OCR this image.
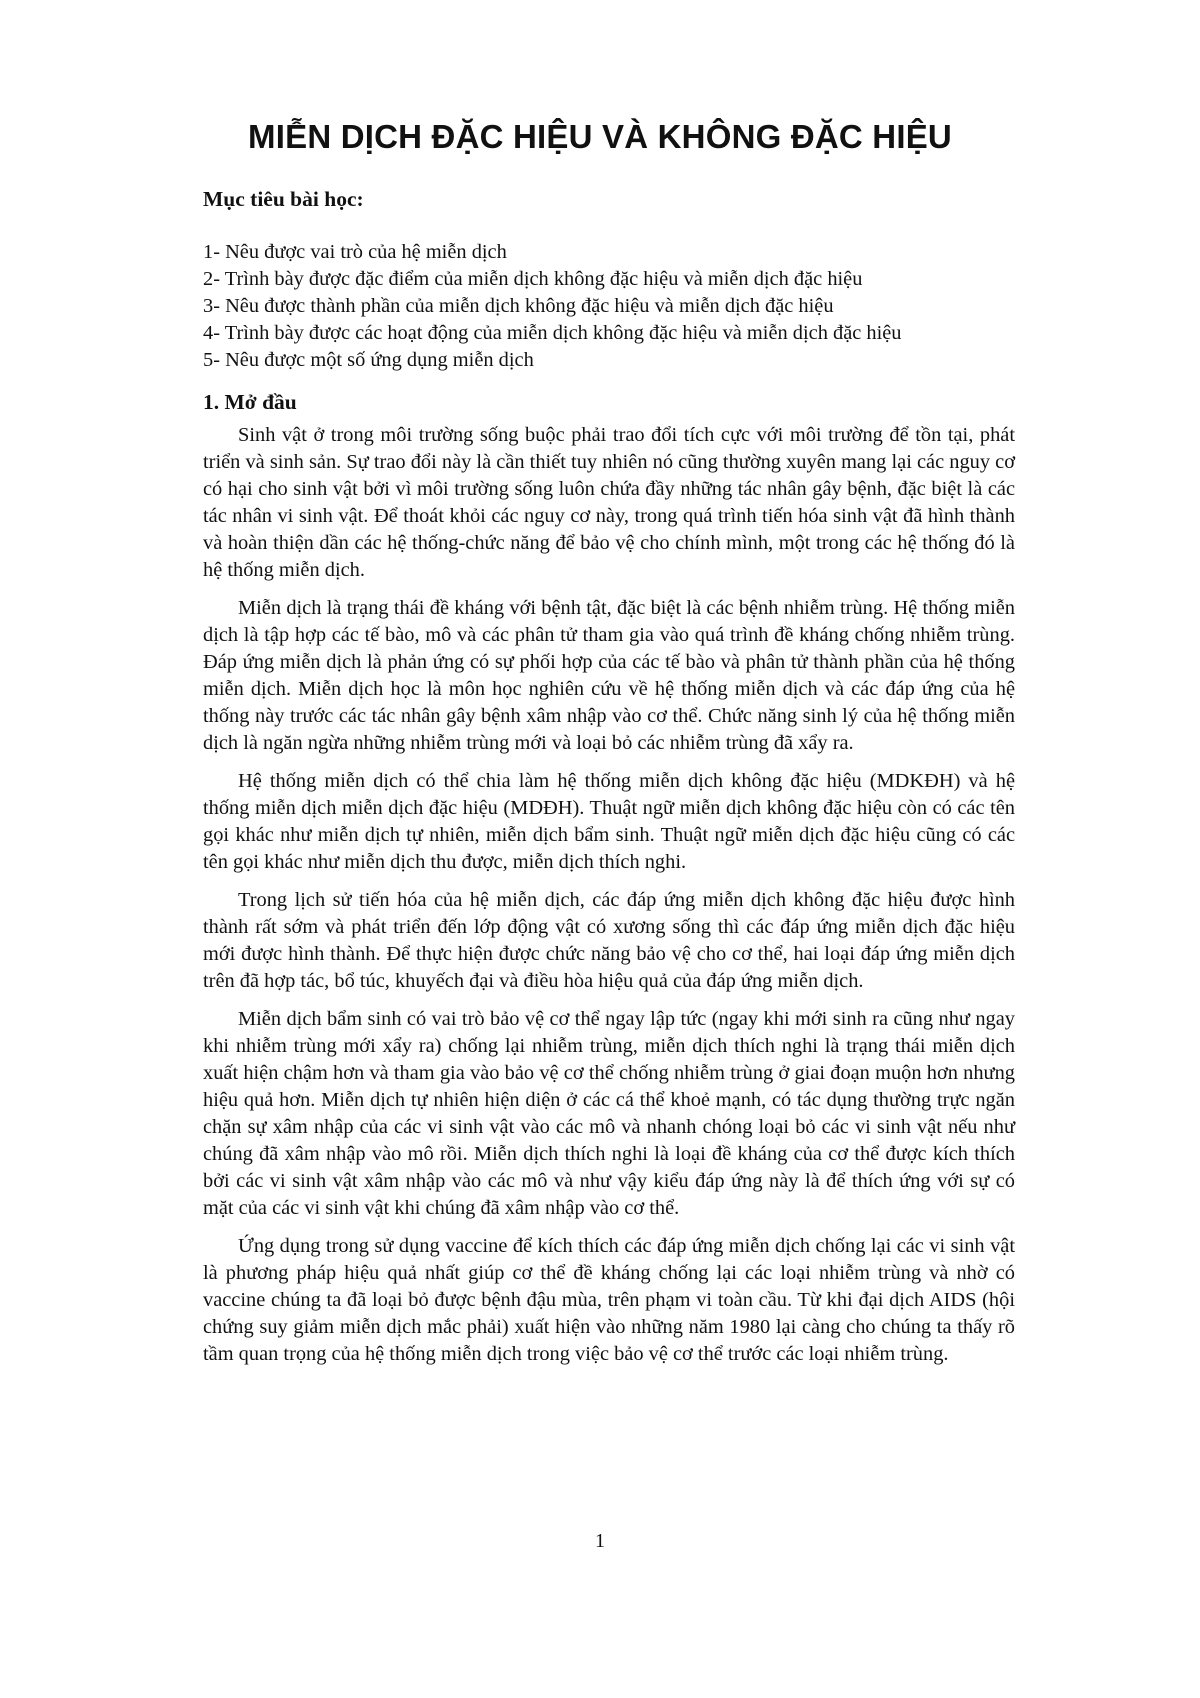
MIỄN DỊCH ĐẶC HIỆU VÀ KHÔNG ĐẶC HIỆU
Mục tiêu bài học:
1- Nêu được vai trò của hệ miễn dịch
2- Trình bày được đặc điểm của miễn dịch không đặc hiệu và miễn dịch đặc hiệu
3- Nêu được thành phần của miễn dịch không đặc hiệu và miễn dịch đặc hiệu
4- Trình bày được các hoạt động của miễn dịch không đặc hiệu và miễn dịch đặc hiệu
5- Nêu được một số ứng dụng miễn dịch
1. Mở đầu

Sinh vật ở trong môi trường sống buộc phải trao đổi tích cực với môi trường để tồn tại, phát triển và sinh sản. Sự trao đổi này là cần thiết tuy nhiên nó cũng thường xuyên mang lại các nguy cơ có hại cho sinh vật bởi vì môi trường sống luôn chứa đầy những tác nhân gây bệnh, đặc biệt là các tác nhân vi sinh vật. Để thoát khỏi các nguy cơ này, trong quá trình tiến hóa sinh vật đã hình thành và hoàn thiện dần các hệ thống-chức năng để bảo vệ cho chính mình, một trong các hệ thống đó là hệ thống miễn dịch.

Miễn dịch là trạng thái đề kháng với bệnh tật, đặc biệt là các bệnh nhiễm trùng. Hệ thống miễn dịch là tập hợp các tế bào, mô và các phân tử tham gia vào quá trình đề kháng chống nhiễm trùng. Đáp ứng miễn dịch là phản ứng có sự phối hợp của các tế bào và phân tử thành phần của hệ thống miễn dịch. Miễn dịch học là môn học nghiên cứu về hệ thống miễn dịch và các đáp ứng của hệ thống này trước các tác nhân gây bệnh xâm nhập vào cơ thể. Chức năng sinh lý của hệ thống miễn dịch là ngăn ngừa những nhiễm trùng mới và loại bỏ các nhiễm trùng đã xẩy ra.

Hệ thống miễn dịch có thể chia làm hệ thống miễn dịch không đặc hiệu (MDKĐH) và hệ thống miễn dịch miễn dịch đặc hiệu (MDĐH). Thuật ngữ miễn dịch không đặc hiệu còn có các tên gọi khác như miễn dịch tự nhiên, miễn dịch bẩm sinh. Thuật ngữ miễn dịch đặc hiệu cũng có các tên gọi khác như miễn dịch thu được, miễn dịch thích nghi.

Trong lịch sử tiến hóa của hệ miễn dịch, các đáp ứng miễn dịch không đặc hiệu được hình thành rất sớm và phát triển đến lớp động vật có xương sống thì các đáp ứng miễn dịch đặc hiệu mới được hình thành. Để thực hiện được chức năng bảo vệ cho cơ thể, hai loại đáp ứng miễn dịch trên đã hợp tác, bổ túc, khuyếch đại và điều hòa hiệu quả của đáp ứng miễn dịch.

Miễn dịch bẩm sinh có vai trò bảo vệ cơ thể ngay lập tức (ngay khi mới sinh ra cũng như ngay khi nhiễm trùng mới xẩy ra) chống lại nhiễm trùng, miễn dịch thích nghi là trạng thái miễn dịch xuất hiện chậm hơn và tham gia vào bảo vệ cơ thể chống nhiễm trùng ở giai đoạn muộn hơn nhưng hiệu quả hơn. Miễn dịch tự nhiên hiện diện ở các cá thể khoẻ mạnh, có tác dụng thường trực ngăn chặn sự xâm nhập của các vi sinh vật vào các mô và nhanh chóng loại bỏ các vi sinh vật nếu như chúng đã xâm nhập vào mô rồi. Miễn dịch thích nghi là loại đề kháng của cơ thể được kích thích bởi các vi sinh vật xâm nhập vào các mô và như vậy kiểu đáp ứng này là để thích ứng với sự có mặt của các vi sinh vật khi chúng đã xâm nhập vào cơ thể.

Ứng dụng trong sử dụng vaccine để kích thích các đáp ứng miễn dịch chống lại các vi sinh vật là phương pháp hiệu quả nhất giúp cơ thể đề kháng chống lại các loại nhiễm trùng và nhờ có vaccine chúng ta đã loại bỏ được bệnh đậu mùa, trên phạm vi toàn cầu. Từ khi đại dịch AIDS (hội chứng suy giảm miễn dịch mắc phải) xuất hiện vào những năm 1980 lại càng cho chúng ta thấy rõ tầm quan trọng của hệ thống miễn dịch trong việc bảo vệ cơ thể trước các loại nhiễm trùng.

1
